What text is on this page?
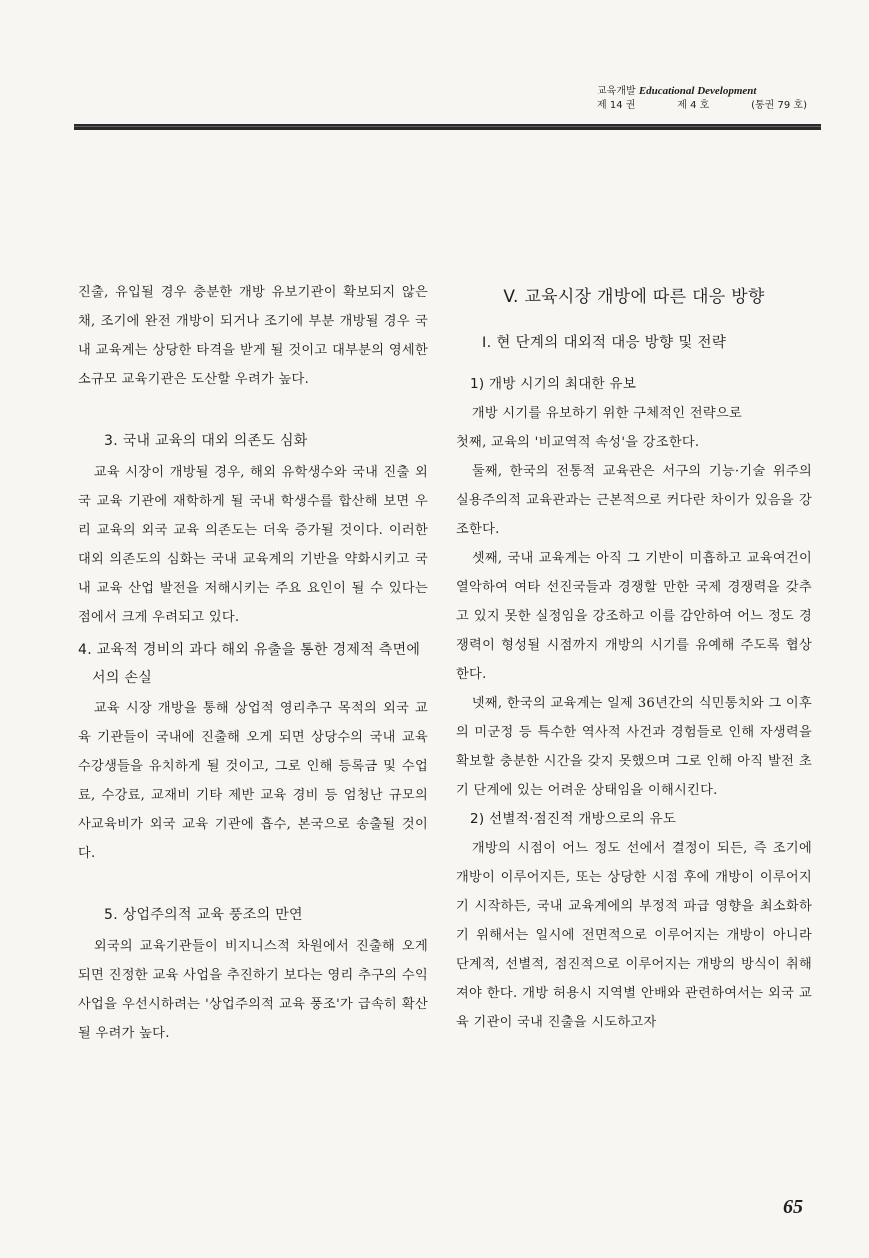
교육개발 Educational Development
제 14 권	제 4 호	(통권 79 호)

진출, 유입될 경우 충분한 개방 유보기관이 확보되지 않은 채, 조기에 완전 개방이 되거나 조기에 부분 개방될 경우 국내 교육계는 상당한 타격을 받게 될 것이고 대부분의 영세한 소규모 교육기관은 도산할 우려가 높다.

3. 국내 교육의 대외 의존도 심화

교육 시장이 개방될 경우, 해외 유학생수와 국내 진출 외국 교육 기관에 재학하게 될 국내 학생수를 합산해 보면 우리 교육의 외국 교육 의존도는 더욱 증가될 것이다. 이러한 대외 의존도의 심화는 국내 교육계의 기반을 약화시키고 국내 교육 산업 발전을 저해시키는 주요 요인이 될 수 있다는 점에서 크게 우려되고 있다.

4. 교육적 경비의 과다 해외 유출을 통한 경제적 측면에서의 손실

교육 시장 개방을 통해 상업적 영리추구 목적의 외국 교육 기관들이 국내에 진출해 오게 되면 상당수의 국내 교육 수강생들을 유치하게 될 것이고, 그로 인해 등록금 및 수업료, 수강료, 교재비 기타 제반 교육 경비 등 엄청난 규모의 사교육비가 외국 교육 기관에 흡수, 본국으로 송출될 것이다.

5. 상업주의적 교육 풍조의 만연

외국의 교육기관들이 비지니스적 차원에서 진출해 오게 되면 진정한 교육 사업을 추진하기 보다는 영리 추구의 수익 사업을 우선시하려는 '상업주의적 교육 풍조'가 급속히 확산될 우려가 높다.

V. 교육시장 개방에 따른 대응 방향
I. 현 단계의 대외적 대응 방향 및 전략
1) 개방 시기의 최대한 유보

개방 시기를 유보하기 위한 구체적인 전략으로

첫째, 교육의 '비교역적 속성'을 강조한다.

둘째, 한국의 전통적 교육관은 서구의 기능·기술 위주의 실용주의적 교육관과는 근본적으로 커다란 차이가 있음을 강조한다.

셋째, 국내 교육계는 아직 그 기반이 미흡하고 교육여건이 열악하여 여타 선진국들과 경쟁할 만한 국제 경쟁력을 갖추고 있지 못한 실정임을 강조하고 이를 감안하여 어느 정도 경쟁력이 형성될 시점까지 개방의 시기를 유예해 주도록 협상한다.

넷째, 한국의 교육계는 일제 36년간의 식민통치와 그 이후의 미군정 등 특수한 역사적 사건과 경험들로 인해 자생력을 확보할 충분한 시간을 갖지 못했으며 그로 인해 아직 발전 초기 단계에 있는 어려운 상태임을 이해시킨다.

2) 선별적·점진적 개방으로의 유도

개방의 시점이 어느 정도 선에서 결정이 되든, 즉 조기에 개방이 이루어지든, 또는 상당한 시점 후에 개방이 이루어지기 시작하든, 국내 교육계에의 부정적 파급 영향을 최소화하기 위해서는 일시에 전면적으로 이루어지는 개방이 아니라 단계적, 선별적, 점진적으로 이루어지는 개방의 방식이 취해져야 한다. 개방 허용시 지역별 안배와 관련하여서는 외국 교육 기관이 국내 진출을 시도하고자

65
